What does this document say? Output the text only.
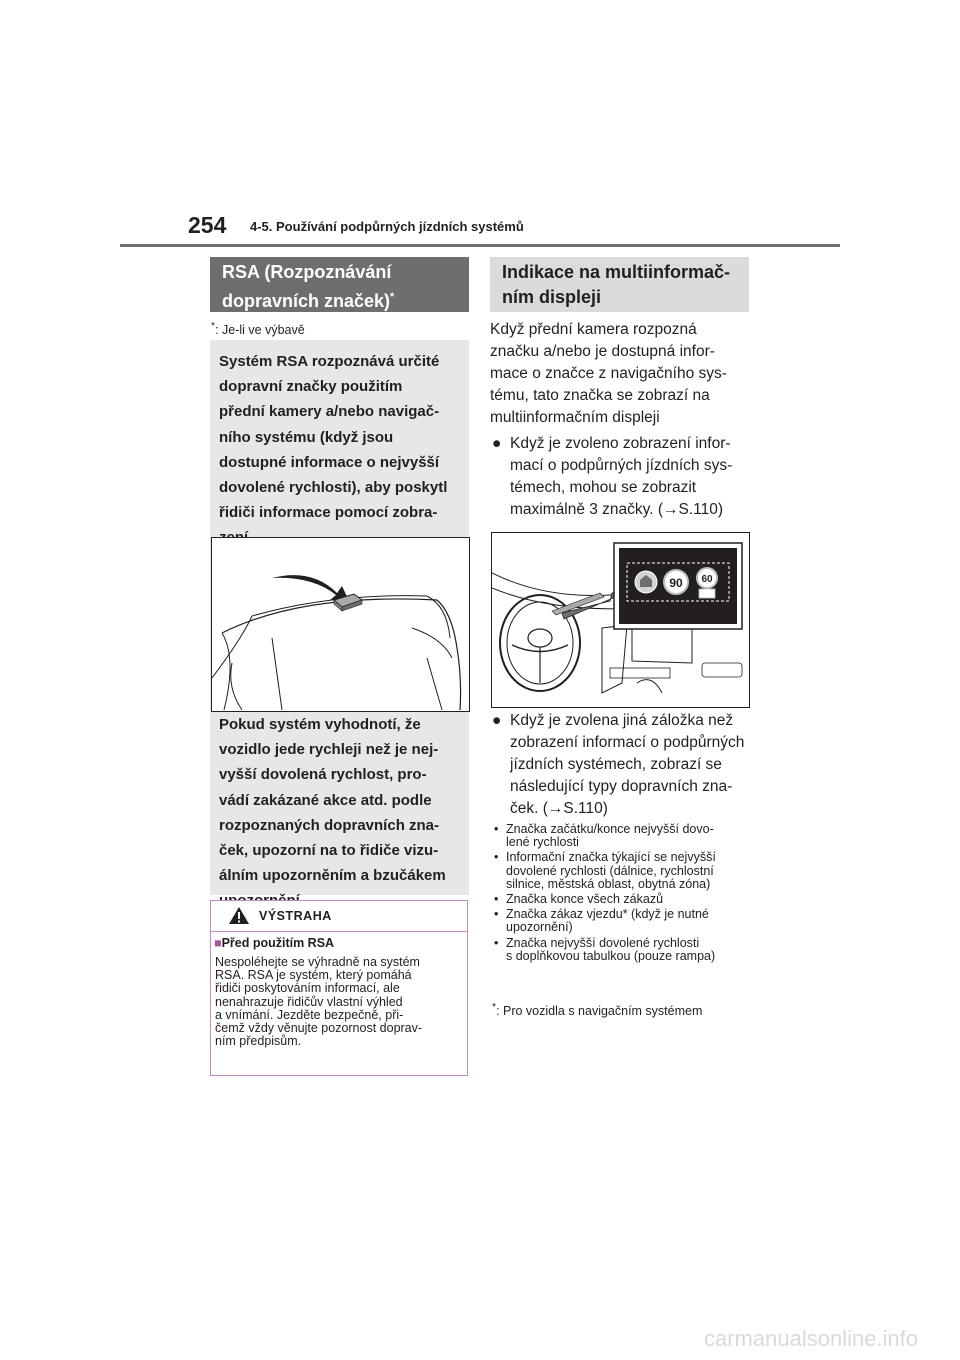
254 4-5. Používání podpůrných jízdních systémů
RSA (Rozpoznávání
dopravních značek)*
*: Je-li ve výbavě
Systém RSA rozpoznává určité
dopravní značky použitím
přední kamery a/nebo navigač-
ního systému (když jsou
dostupné informace o nejvyšší
dovolené rychlosti), aby poskytl
řidiči informace pomocí zobra-
Pokud systém vyhodnotí, že
vozidlo jede rychleji než je nej-
vyšší dovolená rychlost, pro-
vádí zakázané akce atd. podle
rozpoznaných dopravních zna-
ček, upozorní na to řidiče vizu-
álním upozorněním a bzučákem
VÝSTRAHA
■Před použitím RSA
Nespoléhejte se výhradně na systém
RSA. RSA je systém, který pomáhá
řidiči poskytováním informací, ale
nenahrazuje řidičův vlastní výhled
a vnímání. Jezděte bezpečně, při-
čemž vždy věnujte pozornost doprav-
ním předpisům.
Indikace na multiinformač-
ním displeji
Když přední kamera rozpozná
značku a/nebo je dostupná infor-
mace o značce z navigačního sys-
tému, tato značka se zobrazí na
multiinformačním displeji
● Když je zvoleno zobrazení infor-
mací o podpůrných jízdních sys-
témech, mohou se zobrazit
maximálně 3 značky. (→S.110)
90 60
● Když je zvolena jiná záložka než
zobrazení informací o podpůrných
jízdních systémech, zobrazí se
následující typy dopravních zna-
ček. (→S.110)
• Značka začátku/konce nejvyšší dovo-
lené rychlosti
• Informační značka týkající se nejvyšší
dovolené rychlosti (dálnice, rychlostní
silnice, městská oblast, obytná zóna)
• Značka konce všech zákazů
• Značka zákaz vjezdu* (když je nutné
upozornění)
• Značka nejvyšší dovolené rychlosti
s doplňkovou tabulkou (pouze rampa)
*: Pro vozidla s navigačním systémem
carmanualsonline.info
